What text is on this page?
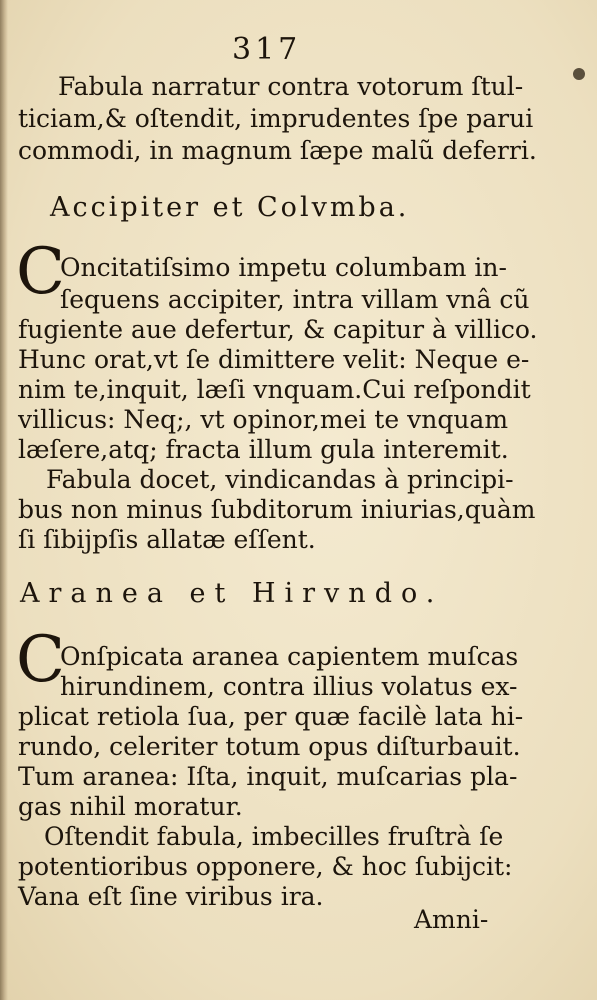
317
Fabula narratur contra votorum ſtul-
ticiam,& oſtendit, imprudentes ſpe parui
commodi, in magnum ſæpe malũ deferri.
Accipiter et Colvmba.
C
Oncitatiſsimo impetu columbam in-
ſequens accipiter, intra villam vnâ cũ
fugiente aue defertur, & capitur à villico.
Hunc orat,vt ſe dimittere velit: Neque e-
nim te,inquit, læſi vnquam.Cui reſpondit
villicus: Neq;, vt opinor,mei te vnquam
læſere,atq; fracta illum gula interemit.
Fabula docet, vindicandas à principi-
bus non minus ſubditorum iniurias,quàm
ſi ſibijpſis allatæ eſſent.
Aranea et Hirvndo.
C
Onſpicata aranea capientem muſcas
hirundinem, contra illius volatus ex-
plicat retiola ſua, per quæ facilè lata hi-
rundo, celeriter totum opus diſturbauit.
Tum aranea: Iſta, inquit, muſcarias pla-
gas nihil moratur.
Oſtendit fabula, imbecilles fruſtrà ſe
potentioribus opponere, & hoc ſubijcit:
Vana eſt ſine viribus ira.
Amni-
